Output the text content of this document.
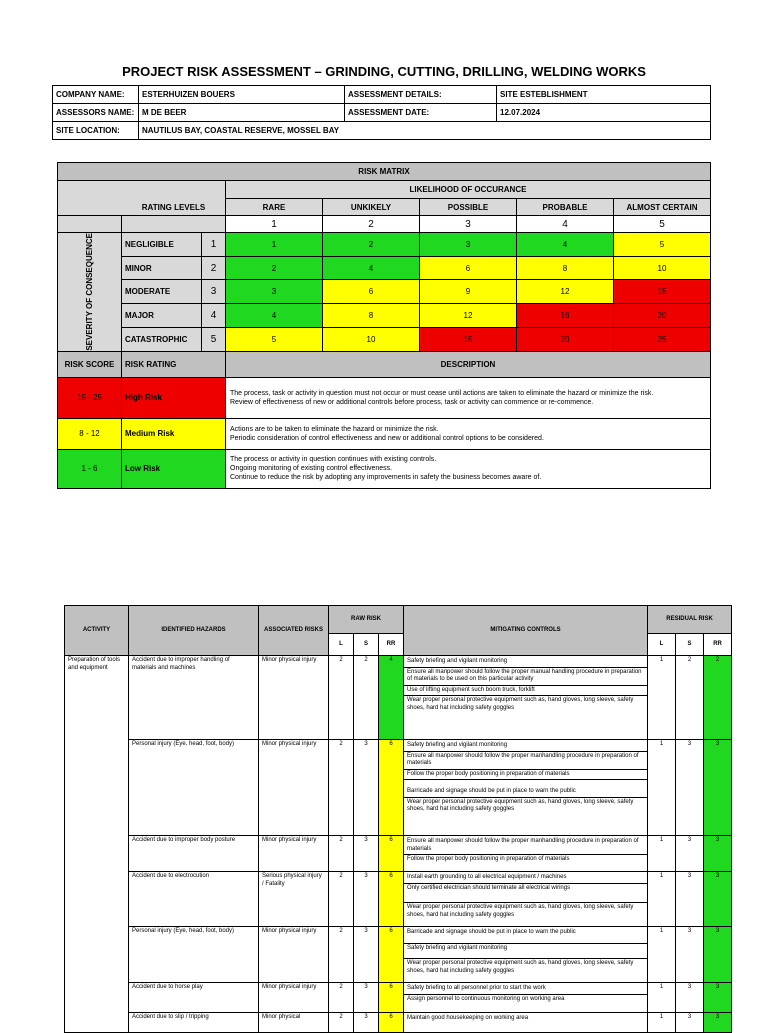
PROJECT RISK ASSESSMENT – GRINDING, CUTTING, DRILLING, WELDING WORKS
COMPANY NAME:	ESTERHUIZEN BOUERS	ASSESSMENT DETAILS:	SITE ESTEBLISHMENT
ASSESSORS NAME:	M DE BEER	ASSESSMENT DATE:	12.07.2024
SITE LOCATION:	NAUTILUS BAY, COASTAL RESERVE, MOSSEL BAY		
RISK MATRIX							
			LIKELIHOOD OF OCCURANCE				
			RARE	UNKIKELY	POSSIBLE	PROBABLE	ALMOST CERTAIN

	RATING LEVELS		1	2	3	4	5

SEVERITY OF CONSEQUENCE	NEGLIGIBLE	1	1	2	3	4	5
	MINOR	2	2	4	6	8	10
	MODERATE	3	3	6	9	12	15
	MAJOR	4	4	8	12	16	20
	CATASTROPHIC	5	5	10	15	20	25
RISK SCORE	RISK RATING		DESCRIPTION				
15 - 25	High Risk		The process, task or activity in question must not occur or must cease until actions are taken to eliminate the hazard or minimize the risk.
Review of effectiveness of new or additional controls before process, task or activity can commence or re-commence.				

8 - 12	Medium Risk		Actions are to be taken to eliminate the hazard or minimize the risk.
Periodic consideration of control effectiveness and new or additional control options to be considered.				

1 - 6	Low Risk		The process or activity in question continues with existing controls.
Ongoing monitoring of existing control effectiveness.
Continue to reduce the risk by adopting any improvements in safety the business becomes aware of.				
ACTIVITY	IDENTIFIED HAZARDS	ASSOCIATED RISKS	RAW RISK			MITIGATING CONTROLS	RESIDUAL RISK		
			L	S	RR		L	S	RR
Preparation of tools and equipment	Accident due to improper handling of materials and machines	Minor physical injury	2	2	4	Safety briefing and vigilant monitoring
Ensure all manpower should follow the proper manual handling procedure in preparation of materials to be used on this particular activity
Use of lifting equipment such boom truck, forklift
Wear proper personal protective equipment such as, hand gloves, long sleeve, safety shoes, hard hat including safety goggles	1	2	2
	Personal injury (Eye, head, foot, body)	Minor physical injury	2	3	6	Safety briefing and vigilant monitoring
Ensure all manpower should follow the proper manhandling procedure in preparation of materials
Follow the proper body positioning in preparation of materials
Barricade and signage should be put in place to warn the public
Wear proper personal protective equipment such as, hand gloves, long sleeve, safety shoes, hard hat including safety goggles	1	3	3
	Accident due to improper body posture	Minor physical injury	2	3	6	Ensure all manpower should follow the proper manhandling procedure in preparation of materials
Follow the proper body positioning in preparation of materials	1	3	3
	Accident due to electrocution	Serious physical injury / Fatality	2	3	6	Install earth grounding to all electrical equipment / machines
Only certified electrician should terminate all electrical wirings
Wear proper personal protective equipment such as, hand gloves, long sleeve, safety shoes, hard hat including safety goggles	1	3	3
	Personal injury (Eye, head, foot, body)	Minor physical injury	2	3	6	Barricade and signage should be put in place to warn the public
Safety briefing and vigilant monitoring
Wear proper personal protective equipment such as, hand gloves, long sleeve, safety shoes, hard hat including safety goggles	1	3	3
	Accident due to horse play	Minor physical injury	2	3	6	Safety briefing to all personnel prior to start the work
Assign personnel to continuous monitoring on working area	1	3	3
	Accident due to slip / tripping	Minor physical	2	3	6	Maintain good housekeeping on working area	1	3	3
